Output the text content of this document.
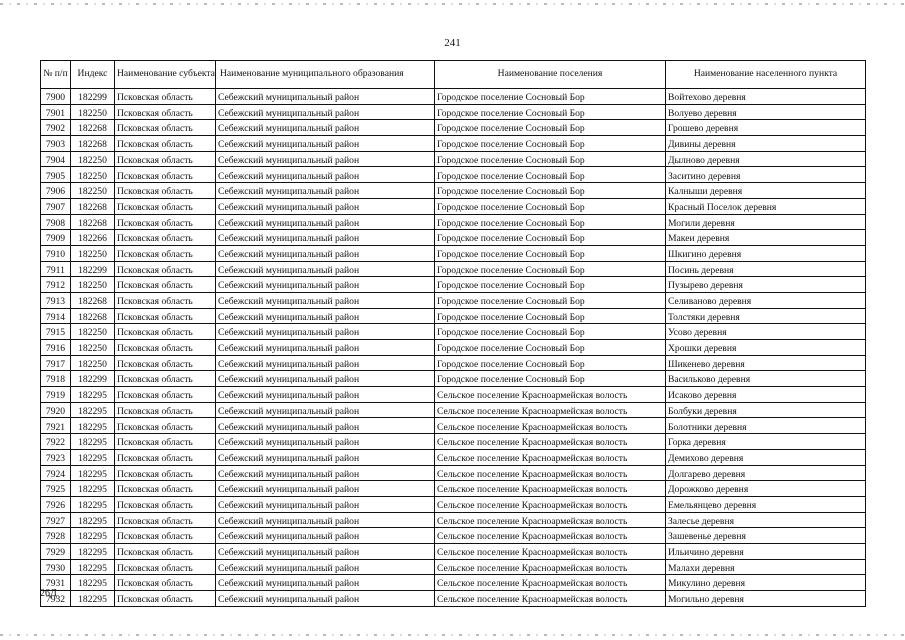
241
№ п/п	Индекс	Наименование субъекта	Наименование муниципального образования	Наименование поселения	Наименование населенного пункта
7900	182299	Псковская область	Себежский муниципальный район	Городское поселение Сосновый Бор	Войтехово деревня
7901	182250	Псковская область	Себежский муниципальный район	Городское поселение Сосновый Бор	Волуево деревня
7902	182268	Псковская область	Себежский муниципальный район	Городское поселение Сосновый Бор	Грошево деревня
7903	182268	Псковская область	Себежский муниципальный район	Городское поселение Сосновый Бор	Дивины деревня
7904	182250	Псковская область	Себежский муниципальный район	Городское поселение Сосновый Бор	Дылново деревня
7905	182250	Псковская область	Себежский муниципальный район	Городское поселение Сосновый Бор	Заситино деревня
7906	182250	Псковская область	Себежский муниципальный район	Городское поселение Сосновый Бор	Калныши деревня
7907	182268	Псковская область	Себежский муниципальный район	Городское поселение Сосновый Бор	Красный Поселок деревня
7908	182268	Псковская область	Себежский муниципальный район	Городское поселение Сосновый Бор	Могили деревня
7909	182266	Псковская область	Себежский муниципальный район	Городское поселение Сосновый Бор	Макеи деревня
7910	182250	Псковская область	Себежский муниципальный район	Городское поселение Сосновый Бор	Шкигино деревня
7911	182299	Псковская область	Себежский муниципальный район	Городское поселение Сосновый Бор	Посинь деревня
7912	182250	Псковская область	Себежский муниципальный район	Городское поселение Сосновый Бор	Пузырево деревня
7913	182268	Псковская область	Себежский муниципальный район	Городское поселение Сосновый Бор	Селиваново деревня
7914	182268	Псковская область	Себежский муниципальный район	Городское поселение Сосновый Бор	Толстяки деревня
7915	182250	Псковская область	Себежский муниципальный район	Городское поселение Сосновый Бор	Усово деревня
7916	182250	Псковская область	Себежский муниципальный район	Городское поселение Сосновый Бор	Хрошки деревня
7917	182250	Псковская область	Себежский муниципальный район	Городское поселение Сосновый Бор	Шикенево деревня
7918	182299	Псковская область	Себежский муниципальный район	Городское поселение Сосновый Бор	Васильково деревня
7919	182295	Псковская область	Себежский муниципальный район	Сельское поселение Красноармейская волость	Исаково деревня
7920	182295	Псковская область	Себежский муниципальный район	Сельское поселение Красноармейская волость	Болбуки деревня
7921	182295	Псковская область	Себежский муниципальный район	Сельское поселение Красноармейская волость	Болотники деревня
7922	182295	Псковская область	Себежский муниципальный район	Сельское поселение Красноармейская волость	Горка деревня
7923	182295	Псковская область	Себежский муниципальный район	Сельское поселение Красноармейская волость	Демихово деревня
7924	182295	Псковская область	Себежский муниципальный район	Сельское поселение Красноармейская волость	Долгарево деревня
7925	182295	Псковская область	Себежский муниципальный район	Сельское поселение Красноармейская волость	Дорожково деревня
7926	182295	Псковская область	Себежский муниципальный район	Сельское поселение Красноармейская волость	Емельянцево деревня
7927	182295	Псковская область	Себежский муниципальный район	Сельское поселение Красноармейская волость	Залесье деревня
7928	182295	Псковская область	Себежский муниципальный район	Сельское поселение Красноармейская волость	Зашевенье деревня
7929	182295	Псковская область	Себежский муниципальный район	Сельское поселение Красноармейская волость	Ильичино деревня
7930	182295	Псковская область	Себежский муниципальный район	Сельское поселение Красноармейская волость	Малахи деревня
7931	182295	Псковская область	Себежский муниципальный район	Сельское поселение Красноармейская волость	Микулино деревня
7932	182295	Псковская область	Себежский муниципальный район	Сельское поселение Красноармейская волость	Могильно деревня
26Д
